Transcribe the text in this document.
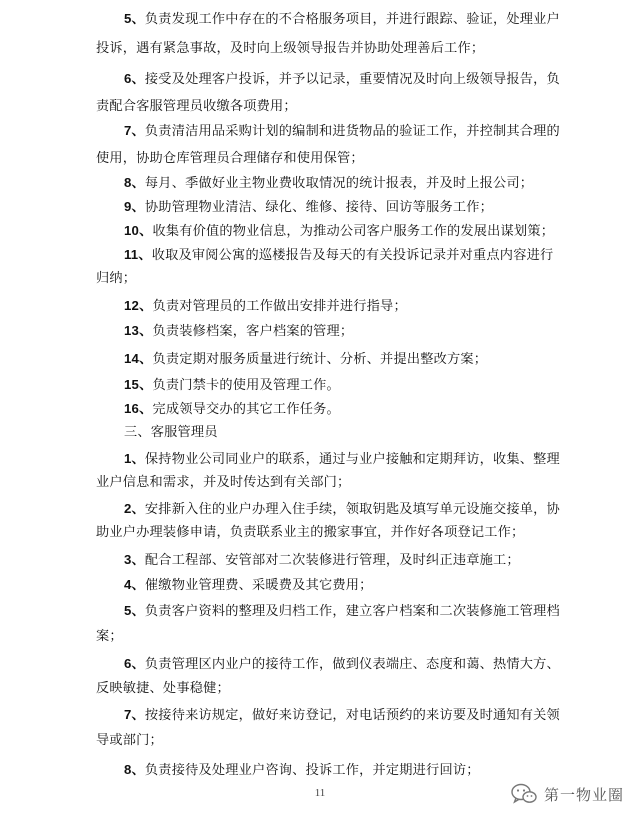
5、负责发现工作中存在的不合格服务项目，并进行跟踪、验证，处理业户
投诉，遇有紧急事故，及时向上级领导报告并协助处理善后工作；
6、接受及处理客户投诉，并予以记录，重要情况及时向上级领导报告，负
责配合客服管理员收缴各项费用；
7、负责清洁用品采购计划的编制和进货物品的验证工作，并控制其合理的
使用，协助仓库管理员合理储存和使用保管；
8、每月、季做好业主物业费收取情况的统计报表，并及时上报公司；
9、协助管理物业清洁、绿化、维修、接待、回访等服务工作；
10、收集有价值的物业信息，为推动公司客户服务工作的发展出谋划策；
11、收取及审阅公寓的巡楼报告及每天的有关投诉记录并对重点内容进行
归纳；
12、负责对管理员的工作做出安排并进行指导；
13、负责装修档案，客户档案的管理；
14、负责定期对服务质量进行统计、分析、并提出整改方案；
15、负责门禁卡的使用及管理工作。
16、完成领导交办的其它工作任务。
三、客服管理员
1、保持物业公司同业户的联系，通过与业户接触和定期拜访，收集、整理
业户信息和需求，并及时传达到有关部门；
2、安排新入住的业户办理入住手续，领取钥匙及填写单元设施交接单，协
助业户办理装修申请，负责联系业主的搬家事宜，并作好各项登记工作；
3、配合工程部、安管部对二次装修进行管理，及时纠正违章施工；
4、催缴物业管理费、采暖费及其它费用；
5、负责客户资料的整理及归档工作，建立客户档案和二次装修施工管理档
案；
6、负责管理区内业户的接待工作，做到仪表端庄、态度和蔼、热情大方、
反映敏捷、处事稳健；
7、按接待来访规定，做好来访登记，对电话预约的来访要及时通知有关领
导或部门；
8、负责接待及处理业户咨询、投诉工作，并定期进行回访；
11	第一物业圈
